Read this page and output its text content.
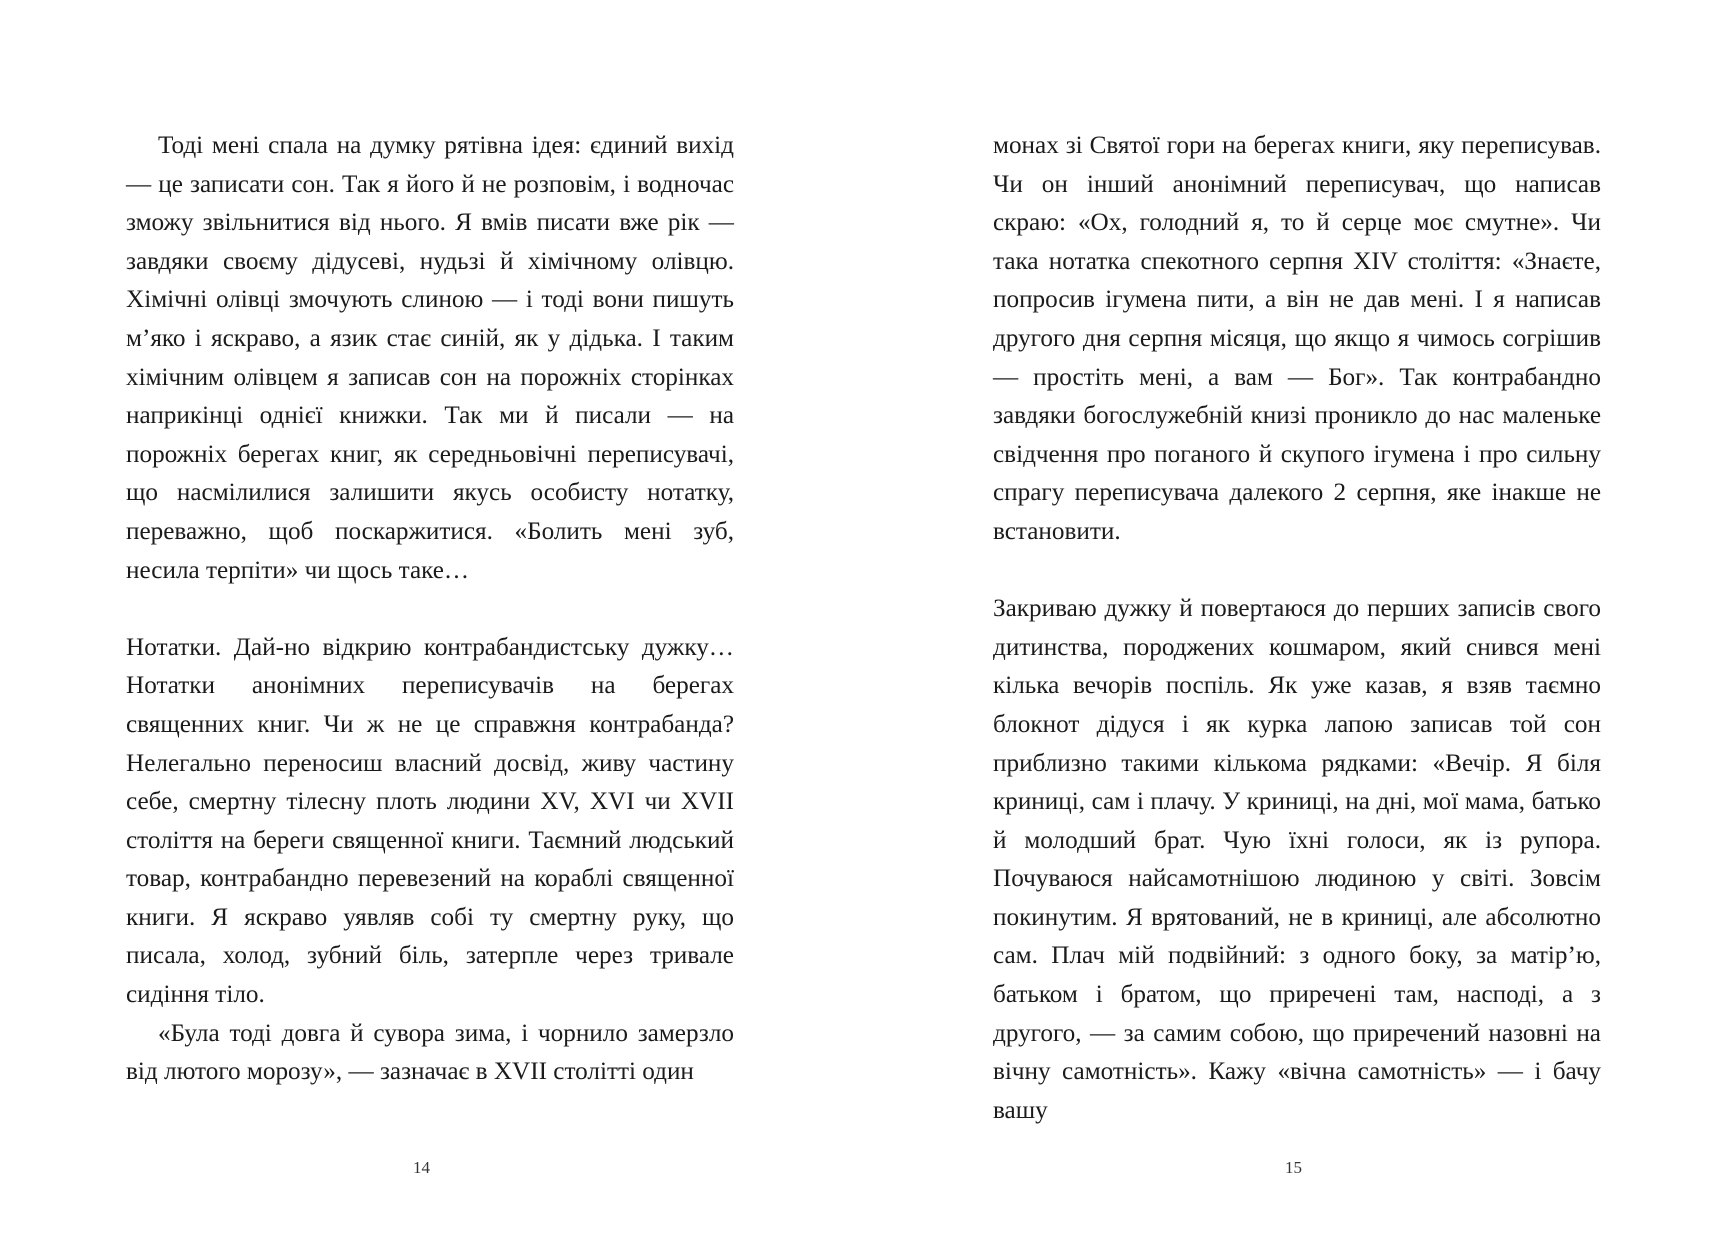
Тоді мені спала на думку рятівна ідея: єдиний вихід — це записати сон. Так я його й не розповім, і водночас зможу звільнитися від нього. Я вмів писати вже рік — завдяки своєму дідусеві, нудьзі й хімічному олівцю. Хімічні олівці змочують слиною — і тоді вони пишуть м’яко і яскраво, а язик стає синій, як у дідька. І таким хімічним олівцем я записав сон на порожніх сторінках наприкінці однієї книжки. Так ми й писали — на порожніх берегах книг, як середньовічні переписувачі, що насмілилися залишити якусь особисту нотатку, переважно, щоб поскаржитися. «Болить мені зуб, несила терпіти» чи щось таке…

Нотатки. Дай-но відкрию контрабандистську дужку… Нотатки анонімних переписувачів на берегах священних книг. Чи ж не це справжня контрабанда? Нелегально переносиш власний досвід, живу частину себе, смертну тілесну плоть людини XV, XVI чи XVII століття на береги священної книги. Таємний людський товар, контрабандно перевезений на кораблі священної книги. Я яскраво уявляв собі ту смертну руку, що писала, холод, зубний біль, затерпле через тривале сидіння тіло.

«Була тоді довга й сувора зима, і чорнило замерзло від лютого морозу», — зазначає в XVII столітті один

14

монах зі Святої гори на берегах книги, яку переписував. Чи он інший анонімний переписувач, що написав скраю: «Ох, голодний я, то й серце моє смутне». Чи така нотатка спекотного серпня XIV століття: «Знаєте, попросив ігумена пити, а він не дав мені. І я написав другого дня серпня місяця, що якщо я чимось согрішив — простіть мені, а вам — Бог». Так контрабандно завдяки богослужебній книзі проникло до нас маленьке свідчення про поганого й скупого ігумена і про сильну спрагу переписувача далекого 2 серпня, яке інакше не встановити.

Закриваю дужку й повертаюся до перших записів свого дитинства, породжених кошмаром, який снився мені кілька вечорів поспіль. Як уже казав, я взяв таємно блокнот дідуся і як курка лапою записав той сон приблизно такими кількома рядками: «Вечір. Я біля криниці, сам і плачу. У криниці, на дні, мої мама, батько й молодший брат. Чую їхні голоси, як із рупора. Почуваюся найсамотнішою людиною у світі. Зовсім покинутим. Я врятований, не в криниці, але абсолютно сам. Плач мій подвійний: з одного боку, за матір’ю, батьком і братом, що приречені там, насподі, а з другого, — за самим собою, що приречений назовні на вічну самотність». Кажу «вічна самотність» — і бачу вашу

15
